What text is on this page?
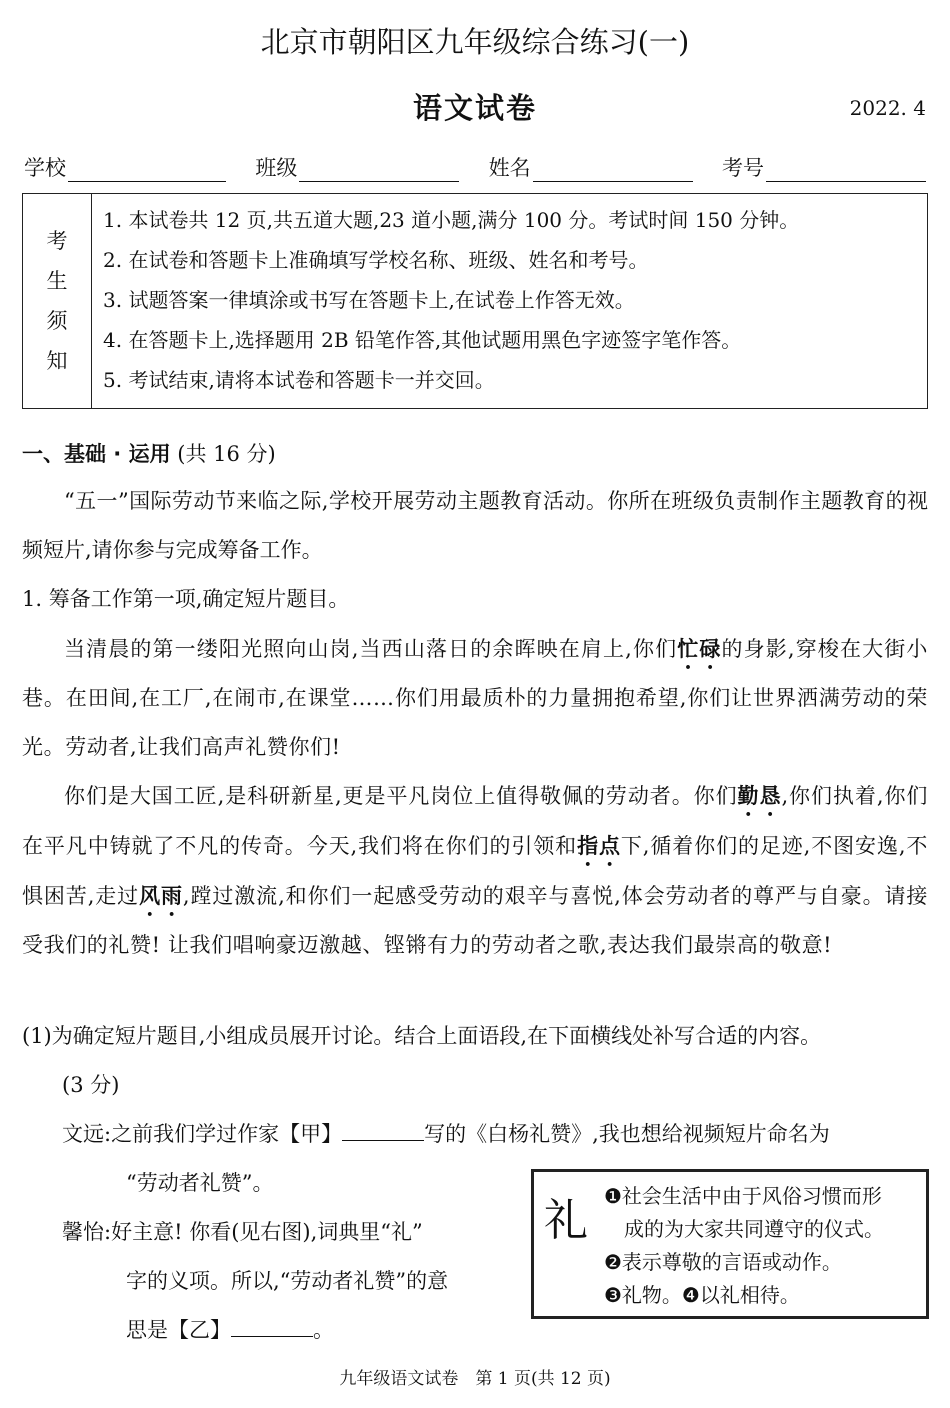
北京市朝阳区九年级综合练习(一)
语文试卷	2022. 4
学校	班级	姓名	考号
考
生
须
知
1. 本试卷共 12 页,共五道大题,23 道小题,满分 100 分。考试时间 150 分钟。
2. 在试卷和答题卡上准确填写学校名称、班级、姓名和考号。
3. 试题答案一律填涂或书写在答题卡上,在试卷上作答无效。
4. 在答题卡上,选择题用 2B 铅笔作答,其他试题用黑色字迹签字笔作答。
5. 考试结束,请将本试卷和答题卡一并交回。
一、基础 · 运用 (共 16 分)
“五一”国际劳动节来临之际,学校开展劳动主题教育活动。你所在班级负责制作主题教育的视频短片,请你参与完成筹备工作。
1. 筹备工作第一项,确定短片题目。
当清晨的第一缕阳光照向山岗,当西山落日的余晖映在肩上,你们忙碌的身影,穿梭在大街小巷。在田间,在工厂,在闹市,在课堂……你们用最质朴的力量拥抱希望,你们让世界洒满劳动的荣光。劳动者,让我们高声礼赞你们!
你们是大国工匠,是科研新星,更是平凡岗位上值得敬佩的劳动者。你们勤恳,你们执着,你们在平凡中铸就了不凡的传奇。今天,我们将在你们的引领和指点下,循着你们的足迹,不图安逸,不惧困苦,走过风雨,蹚过激流,和你们一起感受劳动的艰辛与喜悦,体会劳动者的尊严与自豪。请接受我们的礼赞! 让我们唱响豪迈激越、铿锵有力的劳动者之歌,表达我们最崇高的敬意!
(1)为确定短片题目,小组成员展开讨论。结合上面语段,在下面横线处补写合适的内容。
(3 分)
文远:之前我们学过作家【甲】	写的《白杨礼赞》,我也想给视频短片命名为
“劳动者礼赞”。
馨怡:好主意! 你看(见右图),词典里“礼”
字的义项。所以,“劳动者礼赞”的意
思是【乙】	。
礼 ❶社会生活中由于风俗习惯而形
成的为大家共同遵守的仪式。
❷表示尊敬的言语或动作。
❸礼物。❹以礼相待。
九年级语文试卷　第 1 页(共 12 页)
